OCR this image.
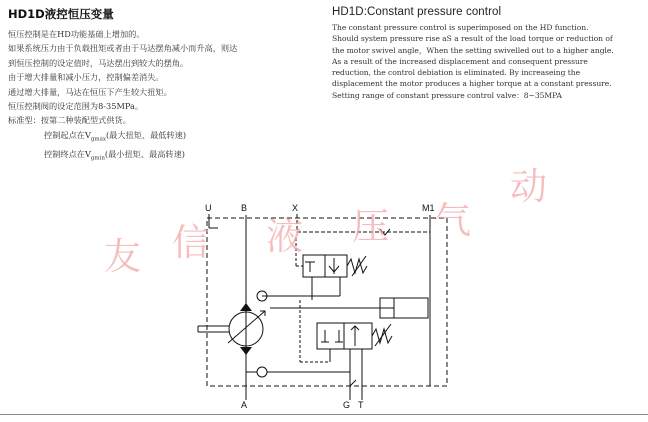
HD1D液控恒压变量
恒压控制是在HD功能基础上增加的。
如果系统压力由于负载扭矩或者由于马达摆角减小而升高，则达
到恒压控制的设定值时，马达摆出到较大的摆角。
由于增大排量和减小压力，控制偏差消失。
通过增大排量，马达在恒压下产生较大扭矩。
恒压控制阀的设定范围为8-35MPa。
标准型：按第二种装配型式供货。
控制起点在$V_{gmax}$(最大扭矩、最低转速)
控制终点在$V_{gmin}$(最小扭矩、最高转速)
HD1D:Constant pressure control
The constant pressure control is superimposed on the HD function.
Should system pressure rise aS a result of the load torque or reduction of
the motor swivel angle，When the setting swivelled out to a higher angle.
As a result of the increased displacement and consequent pressure
reduction, the control debiation is eliminated. By increaseing the
displacement the motor produces a higher torque at a constant pressure.
Setting range of constant pressure control valve：8~35MPA
U	B	X	M1
A	G T
友 信 液 压 气
动
